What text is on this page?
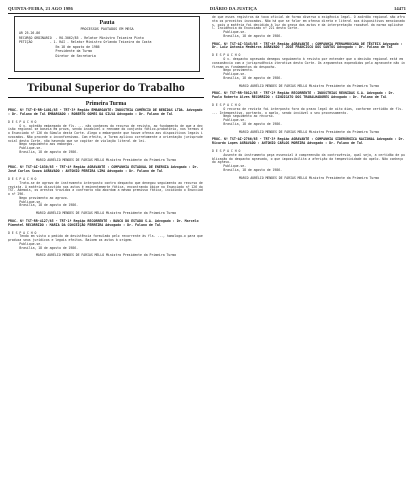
QUINTA-FEIRA, 21 AGO 1986	DIÁRIO DA JUSTIÇA	14471
Pauta
PROCESSOS PAUTADOS EM MESA
AR 25.26.86
RECURSO ORDINARIO  - RO-3062/85 - Relator Ministro Teixeira Pinto
PETIÇÃO         - 1. RAI - Relator Ministro Orlando Teixeira da Costa
Em 18 de agosto de 1986
Presidente da Turma
Diretor de Secretaria
Tribunal Superior do Trabalho
Primeira Turma
PROC. Nº TST-E-RR-1401/85 - TRT-3ª Região EMBARGANTE: INDÚSTRIA COMÉRCIO DE BEBIDAS LTDA. Advogado : Dr. Fulano de Tal EMBARGADO : ROBERTO GOMES DA SILVA Advogado : Dr. Fulano de Tal
D E S P A C H O
O v. acórdão embargado de fls. ... não conheceu do recurso de revista, ao fundamento de que a decisão regional se baseia em prova, sendo incabível o reexame do conjunto fático-probatório, nos termos do Enunciado nº 126 da Súmula desta Corte. Alega o embargante que houve ofensa aos dispositivos legais invocados. Não procede o inconformismo. Com efeito, a Turma aplicou corretamente a orientação jurisprudencial desta Corte, não havendo que se cogitar de violação literal de lei.
Nego seguimento aos embargos.
Publique-se.
Brasília, 18 de agosto de 1986.
MARCO AURÉLIO MENDES DE FARIAS MELLO Ministro Presidente da Primeira Turma
PROC. Nº TST-AI-1830/85 - TRT-4ª Região AGRAVANTE : COMPANHIA ESTADUAL DE ENERGIA Advogado : Dr. José Carlos Souza AGRAVADO : ANTONIO PEREIRA LIMA Advogado : Dr. Fulano de Tal
D E S P A C H O
Trata-se de agravo de instrumento interposto contra despacho que denegou seguimento ao recurso de revista. A matéria discutida nos autos é eminentemente fática, encontrando óbice no Enunciado nº 126 do TST. Ademais, os arestos trazidos a confronto não abordam a mesma premissa fática, incidindo o Enunciado nº 296.
Nego provimento ao agravo.
Publique-se.
Brasília, 18 de agosto de 1986.
MARCO AURÉLIO MENDES DE FARIAS MELLO Ministro Presidente da Primeira Turma
PROC. Nº TST-RR-4127/85 - TRT-1ª Região RECORRENTE : BANCO DO ESTADO S.A. Advogado : Dr. Marcelo Pimentel RECORRIDO : MARIA DA CONCEIÇÃO FERREIRA Advogado : Dr. Fulano de Tal
D E S P A C H O
Tendo em vista o pedido de desistência formulado pelo recorrente às fls. ..., homologo-o para que produza seus jurídicos e legais efeitos. Baixem os autos à origem.
Publique-se.
Brasília, 18 de agosto de 1986.
MARCO AURÉLIO MENDES DE FARIAS MELLO Ministro Presidente da Primeira Turma
de que esses registros da taxa oficial de forma diversa a exigência legal. O acórdão regional não afronta os preceitos invocados. Não há que se falar em ofensa direta e literal aos dispositivos mencionados, pois a matéria foi decidida à luz da prova dos autos e da interpretação razoável da norma aplicável. Incidência do Enunciado nº 221 desta Corte.
Publique-se.
Brasília, 18 de agosto de 1986.
PROC. Nº TST-AI-3345/85 - TRT-6ª Região AGRAVANTE : COMPANHIA PERNAMBUCANA DE TÊXTEIS Advogado : Dr. Luiz Antonio Medeiros AGRAVADO : JOSÉ FRANCISCO DOS SANTOS Advogado : Dr. Fulano de Tal
D E S P A C H O
O v. despacho agravado denegou seguimento à revista por entender que a decisão regional está em consonância com a jurisprudência iterativa desta Corte. Os argumentos expendidos pelo agravante não infirmam os fundamentos do despacho.
Nego provimento.
Publique-se.
Brasília, 18 de agosto de 1986.
MARCO AURÉLIO MENDES DE FARIAS MELLO Ministro Presidente da Primeira Turma
PROC. Nº TST-RR-5012/85 - TRT-2ª Região RECORRENTE : INDÚSTRIAS REUNIDAS S.A. Advogado : Dr. Paulo Roberto Alves RECORRIDO : SINDICATO DOS TRABALHADORES Advogado : Dr. Fulano de Tal
D E S P A C H O
O recurso de revista foi interposto fora do prazo legal de oito dias, conforme certidão de fls. ... Intempestivo, portanto, o apelo, sendo inviável o seu processamento.
Nego seguimento ao recurso.
Publique-se.
Brasília, 18 de agosto de 1986.
MARCO AURÉLIO MENDES DE FARIAS MELLO Ministro Presidente da Primeira Turma
PROC. Nº TST-AI-2786/85 - TRT-3ª Região AGRAVANTE : COMPANHIA SIDERÚRGICA NACIONAL Advogado : Dr. Ricardo Lopes AGRAVADO : ANTONIO CARLOS MOREIRA Advogado : Dr. Fulano de Tal
D E S P A C H O
Ausente do instrumento peça essencial à compreensão da controvérsia, qual seja, a certidão de publicação do despacho agravado, o que impossibilita a aferição da tempestividade do apelo. Não conheço do agravo.
Publique-se.
Brasília, 18 de agosto de 1986.
MARCO AURÉLIO MENDES DE FARIAS MELLO Ministro Presidente da Primeira Turma
